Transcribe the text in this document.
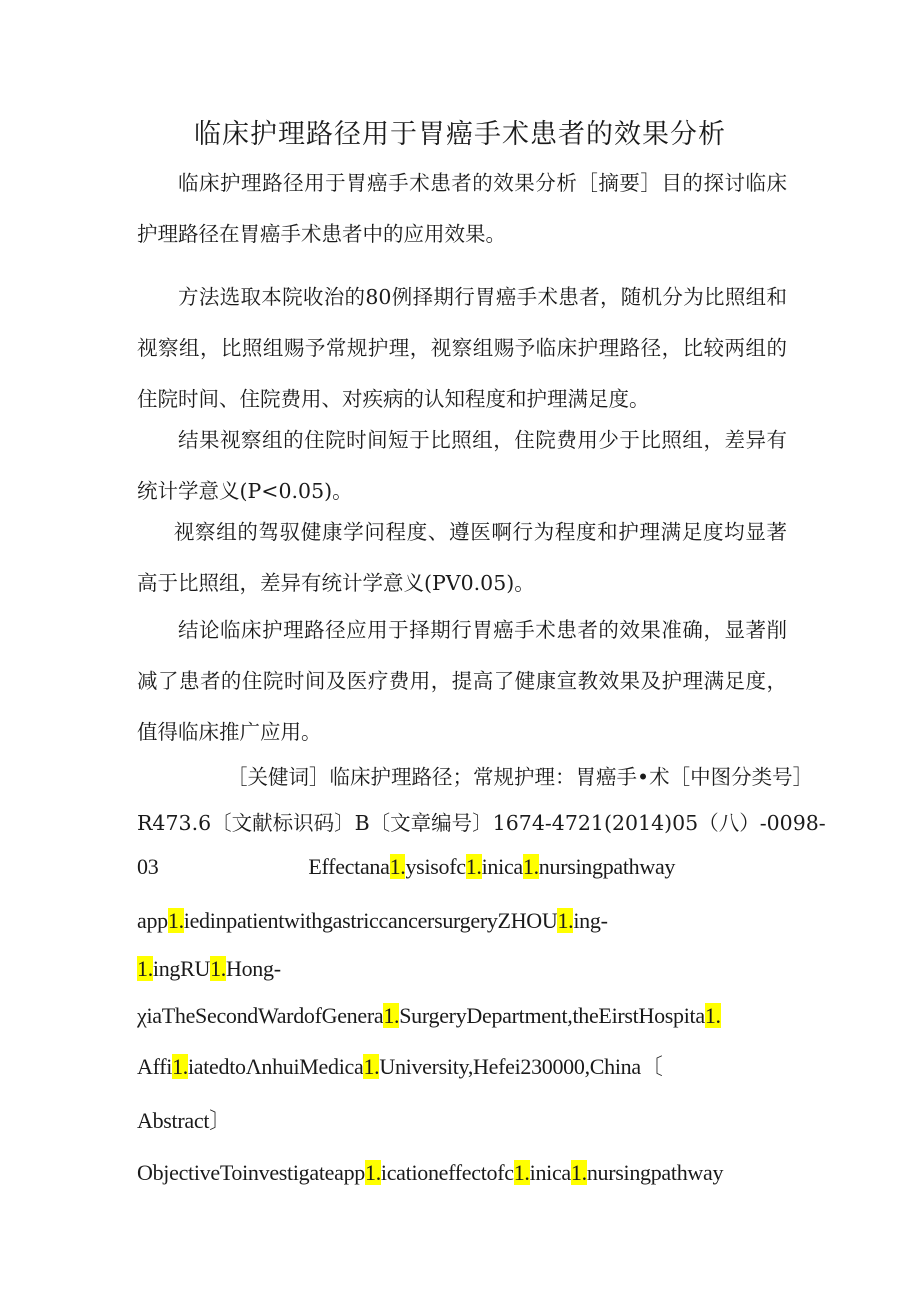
临床护理路径用于胃癌手术患者的效果分析

临床护理路径用于胃癌手术患者的效果分析［摘要］目的探讨临床护理路径在胃癌手术患者中的应用效果。

方法选取本院收治的80例择期行胃癌手术患者，随机分为比照组和视察组，比照组赐予常规护理，视察组赐予临床护理路径，比较两组的住院时间、住院费用、对疾病的认知程度和护理满足度。

结果视察组的住院时间短于比照组，住院费用少于比照组，差异有统计学意义(P<0.05)。

视察组的驾驭健康学问程度、遵医啊行为程度和护理满足度均显著高于比照组，差异有统计学意义(PV0.05)。

结论临床护理路径应用于择期行胃癌手术患者的效果准确，显著削减了患者的住院时间及医疗费用，提高了健康宣教效果及护理满足度，值得临床推广应用。

［关健词］临床护理路径；常规护理：胃癌手•术［中图分类号］
R473.6〔文献标识码〕B〔文章编号〕1674-4721(2014)05（八）-0098-
03	Effectana1.ysisofc1.inica1.nursingpathway
app1.iedinpatientwithgastriccancersurgeryZHOU1.ing-
1.ingRU1.Hong-
χiaTheSecondWardofGenera1.SurgeryDepartment,theEirstHospita1.
Affi1.iatedtoΛnhuiMedica1.University,Hefei230000,China〔
Abstract〕
ObjectiveToinvestigateapp1.icationeffectofc1.inica1.nursingpathway
